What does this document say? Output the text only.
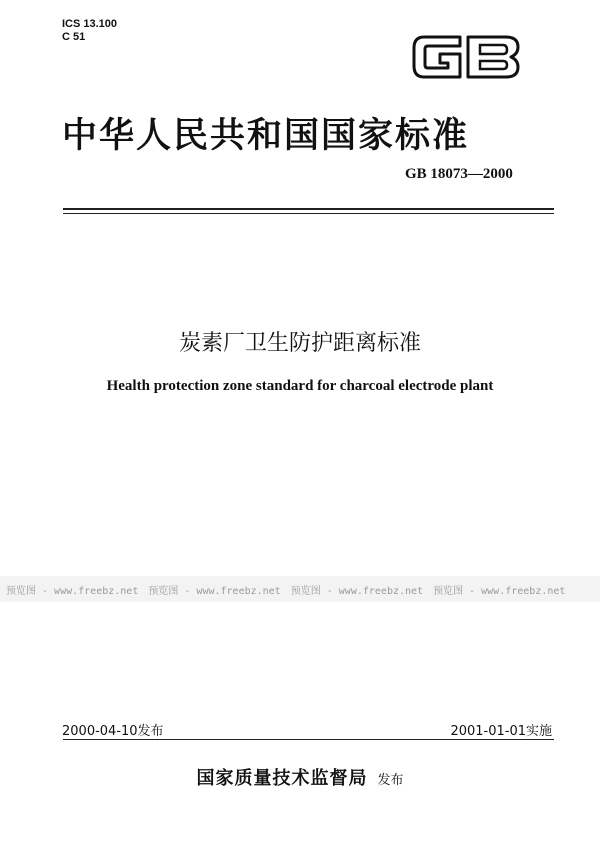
ICS 13.100
C 51
GB
中华人民共和国国家标准
GB 18073—2000
炭素厂卫生防护距离标准
Health protection zone standard for charcoal electrode plant
预览图 - www.freebz.net 预览图 - www.freebz.net 预览图 - www.freebz.net 预览图 - www.freebz.net
2000-04-10发布	2001-01-01实施
国家质量技术监督局 发布
